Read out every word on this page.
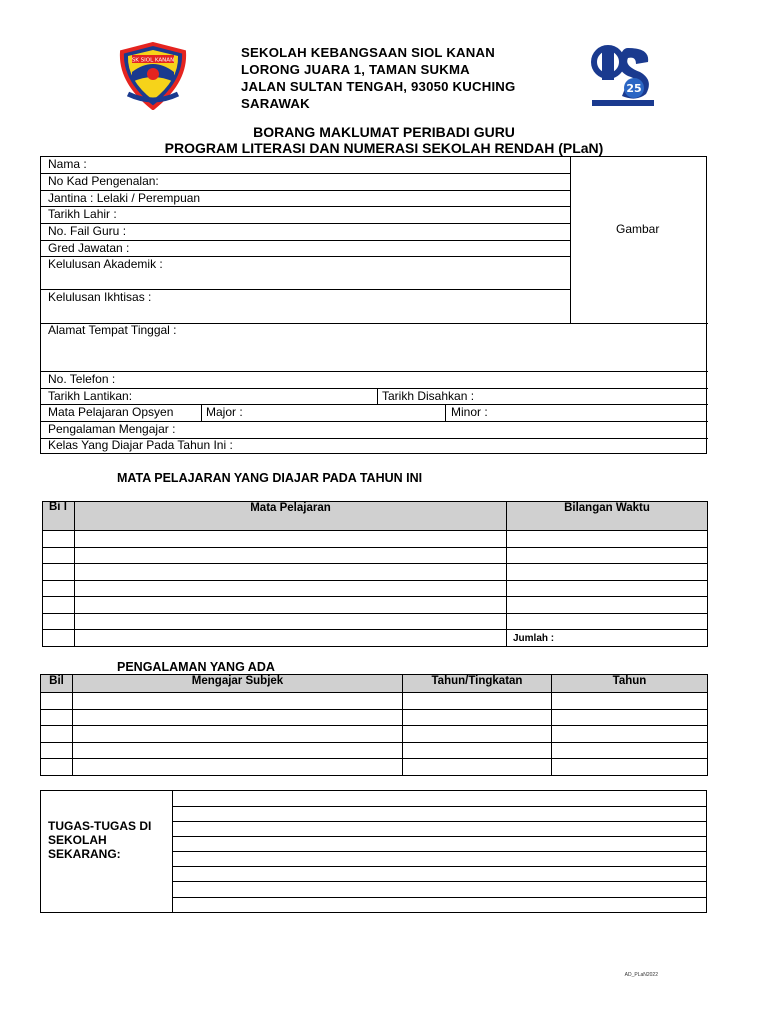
SK SIOL KANAN
SEKOLAH KEBANGSAAN SIOL KANAN
LORONG JUARA 1, TAMAN SUKMA
JALAN SULTAN TENGAH, 93050 KUCHING
SARAWAK
25
BORANG MAKLUMAT PERIBADI GURU
PROGRAM LITERASI DAN NUMERASI SEKOLAH RENDAH (PLaN)
Nama :
No Kad Pengenalan:
Jantina : Lelaki / Perempuan
Tarikh Lahir :
No. Fail Guru :
Gred Jawatan :
Kelulusan Akademik :
Kelulusan Ikhtisas :
Gambar
Alamat Tempat Tinggal :
No. Telefon :
Tarikh Lantikan:	Tarikh Disahkan :
Mata Pelajaran Opsyen	Major :	Minor :
Pengalaman Mengajar :
Kelas Yang Diajar Pada Tahun Ini :
MATA PELAJARAN YANG DIAJAR PADA TAHUN INI
Bi l	Mata Pelajaran	Bilangan Waktu

		Jumlah :
PENGALAMAN YANG ADA
Bil	Mengajar Subjek	Tahun/Tingkatan	Tahun

TUGAS-TUGAS DI SEKOLAH SEKARANG:
AD_PLaN2022
